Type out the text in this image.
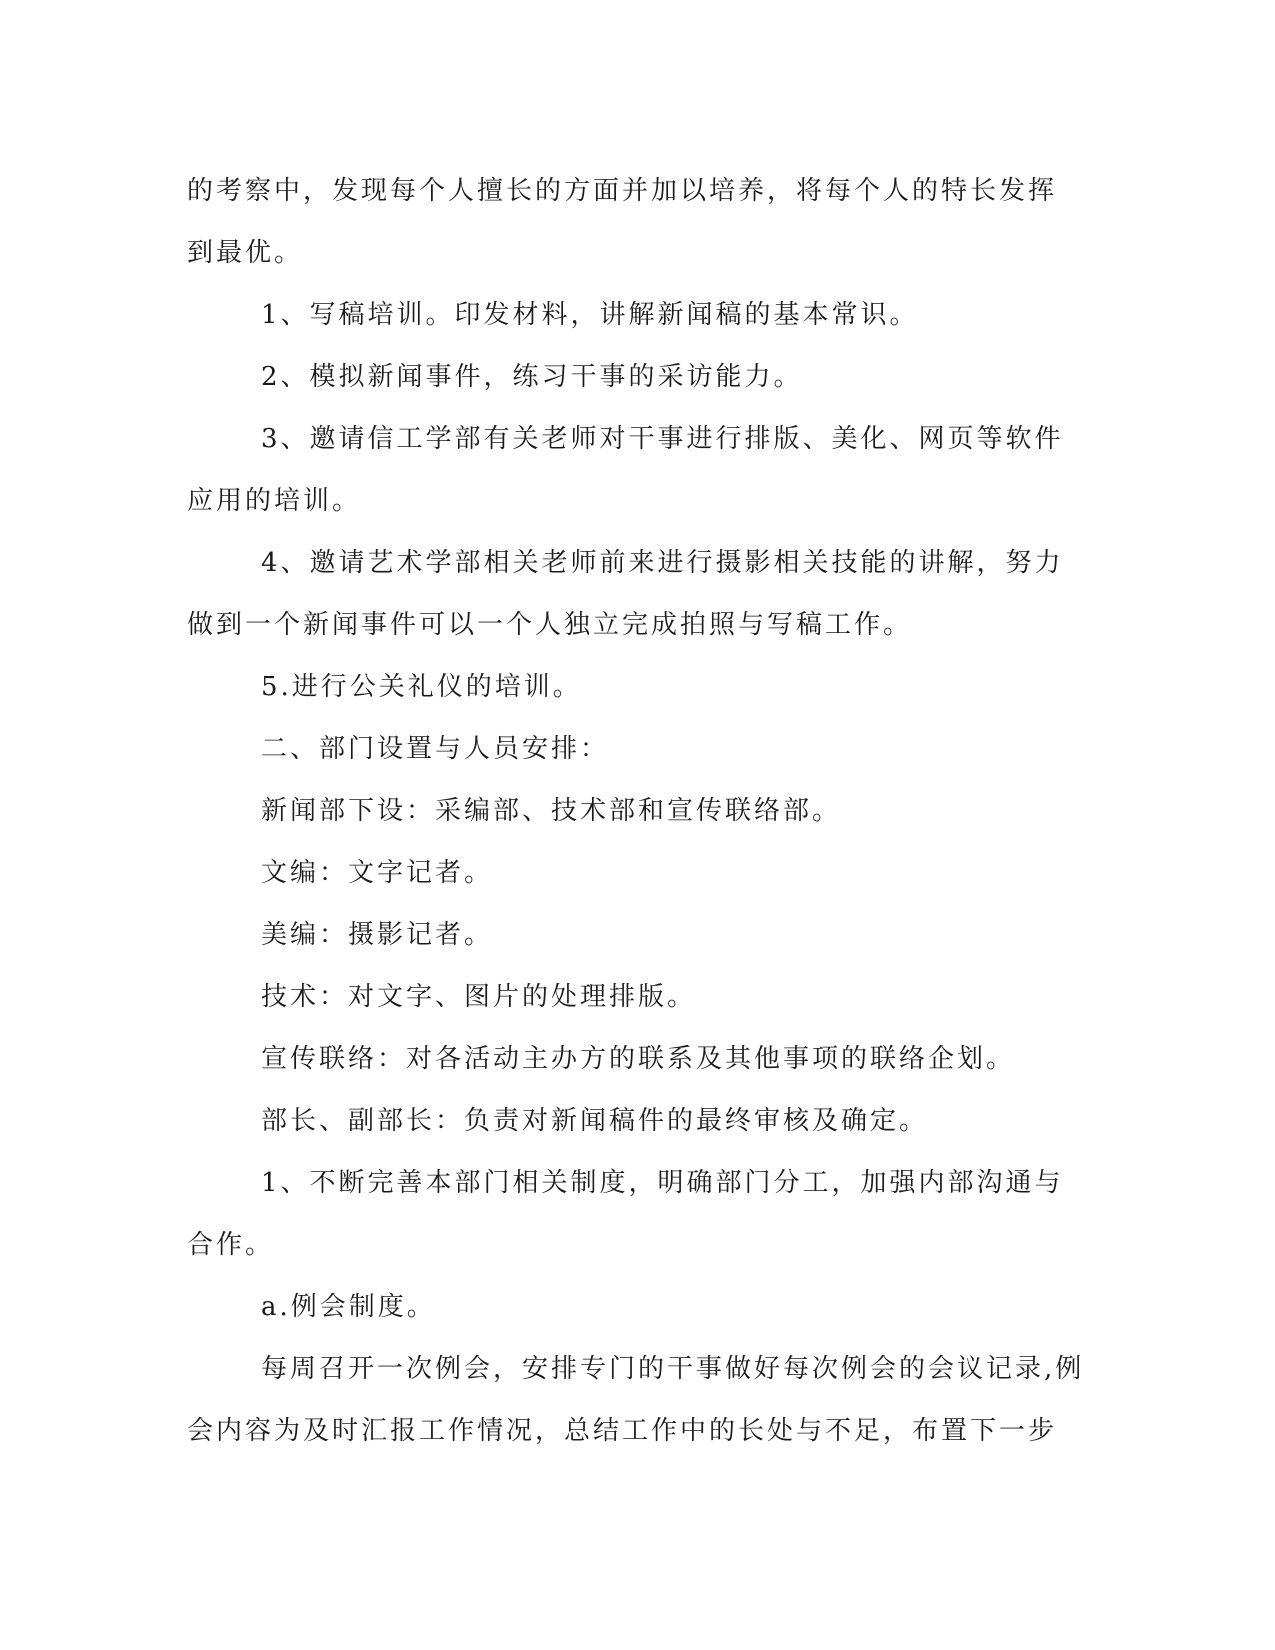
的考察中，发现每个人擅长的方面并加以培养，将每个人的特长发挥
到最优。
1、写稿培训。印发材料，讲解新闻稿的基本常识。
2、模拟新闻事件，练习干事的采访能力。
3、邀请信工学部有关老师对干事进行排版、美化、网页等软件
应用的培训。
4、邀请艺术学部相关老师前来进行摄影相关技能的讲解，努力
做到一个新闻事件可以一个人独立完成拍照与写稿工作。
5.进行公关礼仪的培训。
二、部门设置与人员安排：
新闻部下设：采编部、技术部和宣传联络部。
文编：文字记者。
美编：摄影记者。
技术：对文字、图片的处理排版。
宣传联络：对各活动主办方的联系及其他事项的联络企划。
部长、副部长：负责对新闻稿件的最终审核及确定。
1、不断完善本部门相关制度，明确部门分工，加强内部沟通与
合作。
a.例会制度。
每周召开一次例会，安排专门的干事做好每次例会的会议记录,例
会内容为及时汇报工作情况，总结工作中的长处与不足，布置下一步
